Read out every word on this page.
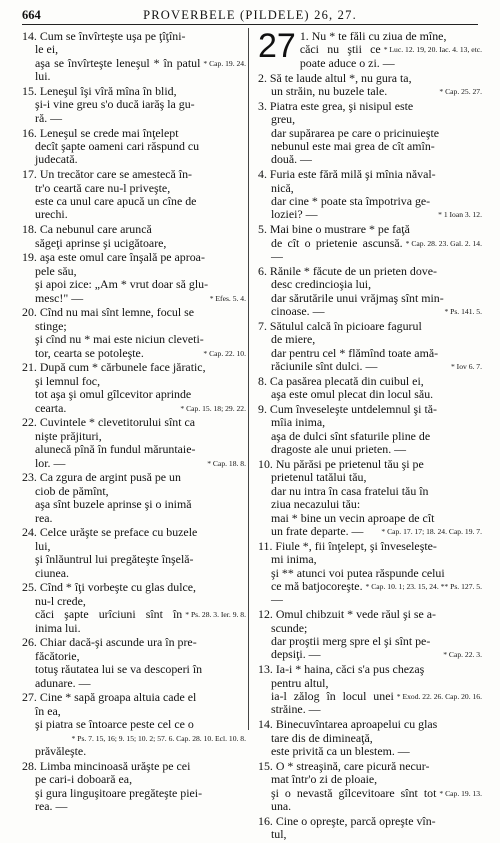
664	PROVERBELE (PILDELE) 26, 27.
14. Cum se învîrteşte uşa pe ţîţîni-
le ei,
* Cap. 19. 24.
aşa se învîrteşte leneşul * în patul lui.
15. Leneşul îşi vîră mîna în blid,
şi-i vine greu s'o ducă iarăş la gu-
ră. —
16. Leneşul se crede mai înţelept
decît şapte oameni cari răspund cu
judecată.
17. Un trecător care se amestecă în-
tr'o ceartă care nu-l priveşte,
este ca unul care apucă un cîne de
urechi.
18. Ca nebunul care aruncă
săgeţi aprinse şi ucigătoare,
19. aşa este omul care înşală pe aproa-
pele său,
şi apoi zice: „Am * vrut doar să glu-
* Efes. 5. 4.
mesc!" —
20. Cînd nu mai sînt lemne, focul se
stinge;
şi cînd nu * mai este niciun cleveti-
* Cap. 22. 10.
tor, cearta se potoleşte.
21. După cum * cărbunele face jăratic,
şi lemnul foc,
tot aşa şi omul gîlcevitor aprinde
* Cap. 15. 18; 29. 22.
cearta.
22. Cuvintele * clevetitorului sînt ca
nişte prăjituri,
alunecă pînă în fundul măruntaie-
* Cap. 18. 8.
lor. —
23. Ca zgura de argint pusă pe un
ciob de pămînt,
aşa sînt buzele aprinse şi o inimă
rea.
24. Celce urăşte se preface cu buzele
lui,
şi înlăuntrul lui pregăteşte înşelă-
ciunea.
25. Cînd * îţi vorbeşte cu glas dulce,
nu-l crede,
* Ps. 28. 3. Ier. 9. 8.
căci şapte urîciuni sînt în inima lui.
26. Chiar dacă-şi ascunde ura în pre-
făcătorie,
totuş răutatea lui se va descoperi în
adunare. —
27. Cine * sapă groapa altuia cade el
în ea,
şi piatra se întoarce peste cel ce o
* Ps. 7. 15, 16; 9. 15; 10. 2; 57. 6. Cap. 28. 10. Ecl. 10. 8.
prăvăleşte.
28. Limba mincinoasă urăşte pe cei
pe cari-i doboară ea,
şi gura linguşitoare pregăteşte piei-
rea. —
27 1. Nu * te făli cu ziua de mîne,
* Luc. 12. 19, 20. Iac. 4. 13, etc.
căci nu ştii ce poate aduce o zi. —
2. Să te laude altul *, nu gura ta,
* Cap. 25. 27.
un străin, nu buzele tale.
3. Piatra este grea, şi nisipul este
greu,
dar supărarea pe care o pricinuieşte
nebunul este mai grea de cît amîn-
două. —
4. Furia este fără milă şi mînia năval-
nică,
dar cine * poate sta împotriva ge-
* 1 Ioan 3. 12.
loziei? —
5. Mai bine o mustrare * pe faţă
* Cap. 28. 23. Gal. 2. 14.
de cît o prietenie ascunsă. —
6. Rănile * făcute de un prieten dove-
desc credincioşia lui,
dar sărutările unui vrăjmaş sînt min-
* Ps. 141. 5.
cinoase. —
7. Sătulul calcă în picioare fagurul
de miere,
dar pentru cel * flămînd toate amă-
* Iov 6. 7.
răciunile sînt dulci. —
8. Ca pasărea plecată din cuibul ei,
aşa este omul plecat din locul său.
9. Cum înveseleşte untdelemnul şi tă-
mîia inima,
aşa de dulci sînt sfaturile pline de
dragoste ale unui prieten. —
10. Nu părăsi pe prietenul tău şi pe
prietenul tatălui tău,
dar nu intra în casa fratelui tău în
ziua necazului tău:
mai * bine un vecin aproape de cît
* Cap. 17. 17; 18. 24. Cap. 19. 7.
un frate departe. —
11. Fiule *, fii înţelept, şi înveseleşte-
mi inima,
şi ** atunci voi putea răspunde celui
* Cap. 10. 1; 23. 15, 24. ** Ps. 127. 5.
ce mă batjocoreşte. —
12. Omul chibzuit * vede răul şi se a-
scunde;
dar proştii merg spre el şi sînt pe-
* Cap. 22. 3.
depsiţi. —
13. Ia-i * haina, căci s'a pus chezaş
pentru altul,
* Exod. 22. 26. Cap. 20. 16.
ia-l zălog în locul unei străine. —
14. Binecuvîntarea aproapelui cu glas
tare dis de dimineaţă,
este privită ca un blestem. —
15. O * streaşină, care picură necur-
mat într'o zi de ploaie,
* Cap. 19. 13.
şi o nevastă gîlcevitoare sînt tot una.
16. Cine o opreşte, parcă opreşte vîn-
tul,
